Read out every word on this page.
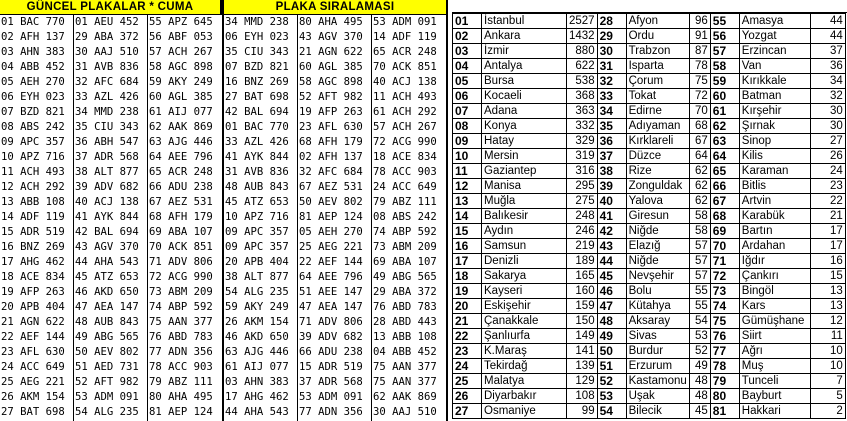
GÜNCEL PLAKALAR * CUMA	PLAKA SIRALAMASI
01 BAC 770 01 AEU 452 55 APZ 645 34 MMD 238 80 AHA 495 53 ADM 091
02 AFH 137 29 ABA 372 56 ABF 053 06 EYH 023 43 AGV 370 14 ADF 119
03 AHN 383 30 AAJ 510 57 ACH 267 35 CIU 343 21 AGN 622 65 ACR 248
04 ABB 452 31 AVB 836 58 AGC 898 07 BZD 821 60 AGL 385 70 ACK 851
05 AEH 270 32 AFC 684 59 AKY 249 16 BNZ 269 58 AGC 898 40 ACJ 138
06 EYH 023 33 AZL 426 60 AGL 385 27 BAT 698 52 AFT 982 11 ACH 493
07 BZD 821 34 MMD 238 61 AIJ 077 42 BAL 694 19 AFP 263 61 ACH 292
08 ABS 242 35 CIU 343 62 AAK 869 01 BAC 770 23 AFL 630 57 ACH 267
09 APC 357 36 ABH 547 63 AJG 446 33 AZL 426 68 AFH 179 72 ACG 990
10 APZ 716 37 ADR 568 64 AEE 796 41 AYK 844 02 AFH 137 18 ACE 834
11 ACH 493 38 ALT 877 65 ACR 248 31 AVB 836 32 AFC 684 78 ACC 903
12 ACH 292 39 ADV 682 66 ADU 238 48 AUB 843 67 AEZ 531 24 ACC 649
13 ABB 108 40 ACJ 138 67 AEZ 531 45 ATZ 653 50 AEV 802 79 ABZ 111
14 ADF 119 41 AYK 844 68 AFH 179 10 APZ 716 81 AEP 124 08 ABS 242
15 ADR 519 42 BAL 694 69 ABA 107 09 APC 357 05 AEH 270 74 ABP 592
16 BNZ 269 43 AGV 370 70 ACK 851 09 APC 357 25 AEG 221 73 ABM 209
17 AHG 462 44 AHA 543 71 ADV 806 20 APB 404 22 AEF 144 69 ABA 107
18 ACE 834 45 ATZ 653 72 ACG 990 38 ALT 877 64 AEE 796 49 ABG 565
19 AFP 263 46 AKD 650 73 ABM 209 54 ALG 235 51 AEE 147 29 ABA 372
20 APB 404 47 AEA 147 74 ABP 592 59 AKY 249 47 AEA 147 76 ABD 783
21 AGN 622 48 AUB 843 75 AAN 377 26 AKM 154 71 ADV 806 28 ABD 443
22 AEF 144 49 ABG 565 76 ABD 783 46 AKD 650 39 ADV 682 13 ABB 108
23 AFL 630 50 AEV 802 77 ADN 356 63 AJG 446 66 ADU 238 04 ABB 452
24 ACC 649 51 AED 731 78 ACC 903 61 AIJ 077 15 ADR 519 75 AAN 377
25 AEG 221 52 AFT 982 79 ABZ 111 03 AHN 383 37 ADR 568 75 AAN 377
26 AKM 154 53 ADM 091 80 AHA 495 17 AHG 462 53 ADM 091 62 AAK 869
27 BAT 698 54 ALG 235 81 AEP 124 44 AHA 543 77 ADN 356 30 AAJ 510
01	İstanbul	2527	28	Afyon	96	55	Amasya	44
02	Ankara	1432	29	Ordu	91	56	Yozgat	44
03	İzmir	880	30	Trabzon	87	57	Erzincan	37
04	Antalya	622	31	Isparta	78	58	Van	36
05	Bursa	538	32	Çorum	75	59	Kırıkkale	34
06	Kocaeli	368	33	Tokat	72	60	Batman	32
07	Adana	363	34	Edirne	70	61	Kırşehir	30
08	Konya	332	35	Adıyaman	68	62	Şırnak	30
09	Hatay	329	36	Kırklareli	67	63	Sinop	27
10	Mersin	319	37	Düzce	64	64	Kilis	26
11	Gaziantep	316	38	Rize	62	65	Karaman	24
12	Manisa	295	39	Zonguldak	62	66	Bitlis	23
13	Muğla	275	40	Yalova	62	67	Artvin	22
14	Balıkesir	248	41	Giresun	58	68	Karabük	21
15	Aydın	246	42	Niğde	58	69	Bartın	17
16	Samsun	219	43	Elazığ	57	70	Ardahan	17
17	Denizli	189	44	Niğde	57	71	Iğdır	16
18	Sakarya	165	45	Nevşehir	57	72	Çankırı	15
19	Kayseri	160	46	Bolu	55	73	Bingöl	13
20	Eskişehir	159	47	Kütahya	55	74	Kars	13
21	Çanakkale	150	48	Aksaray	54	75	Gümüşhane	12
22	Şanlıurfa	149	49	Sivas	53	76	Siirt	11
23	K.Maraş	141	50	Burdur	52	77	Ağrı	10
24	Tekirdağ	139	51	Erzurum	49	78	Muş	10
25	Malatya	129	52	Kastamonu	48	79	Tunceli	7
26	Diyarbakır	108	53	Uşak	48	80	Bayburt	5
27	Osmaniye	99	54	Bilecik	45	81	Hakkari	2
